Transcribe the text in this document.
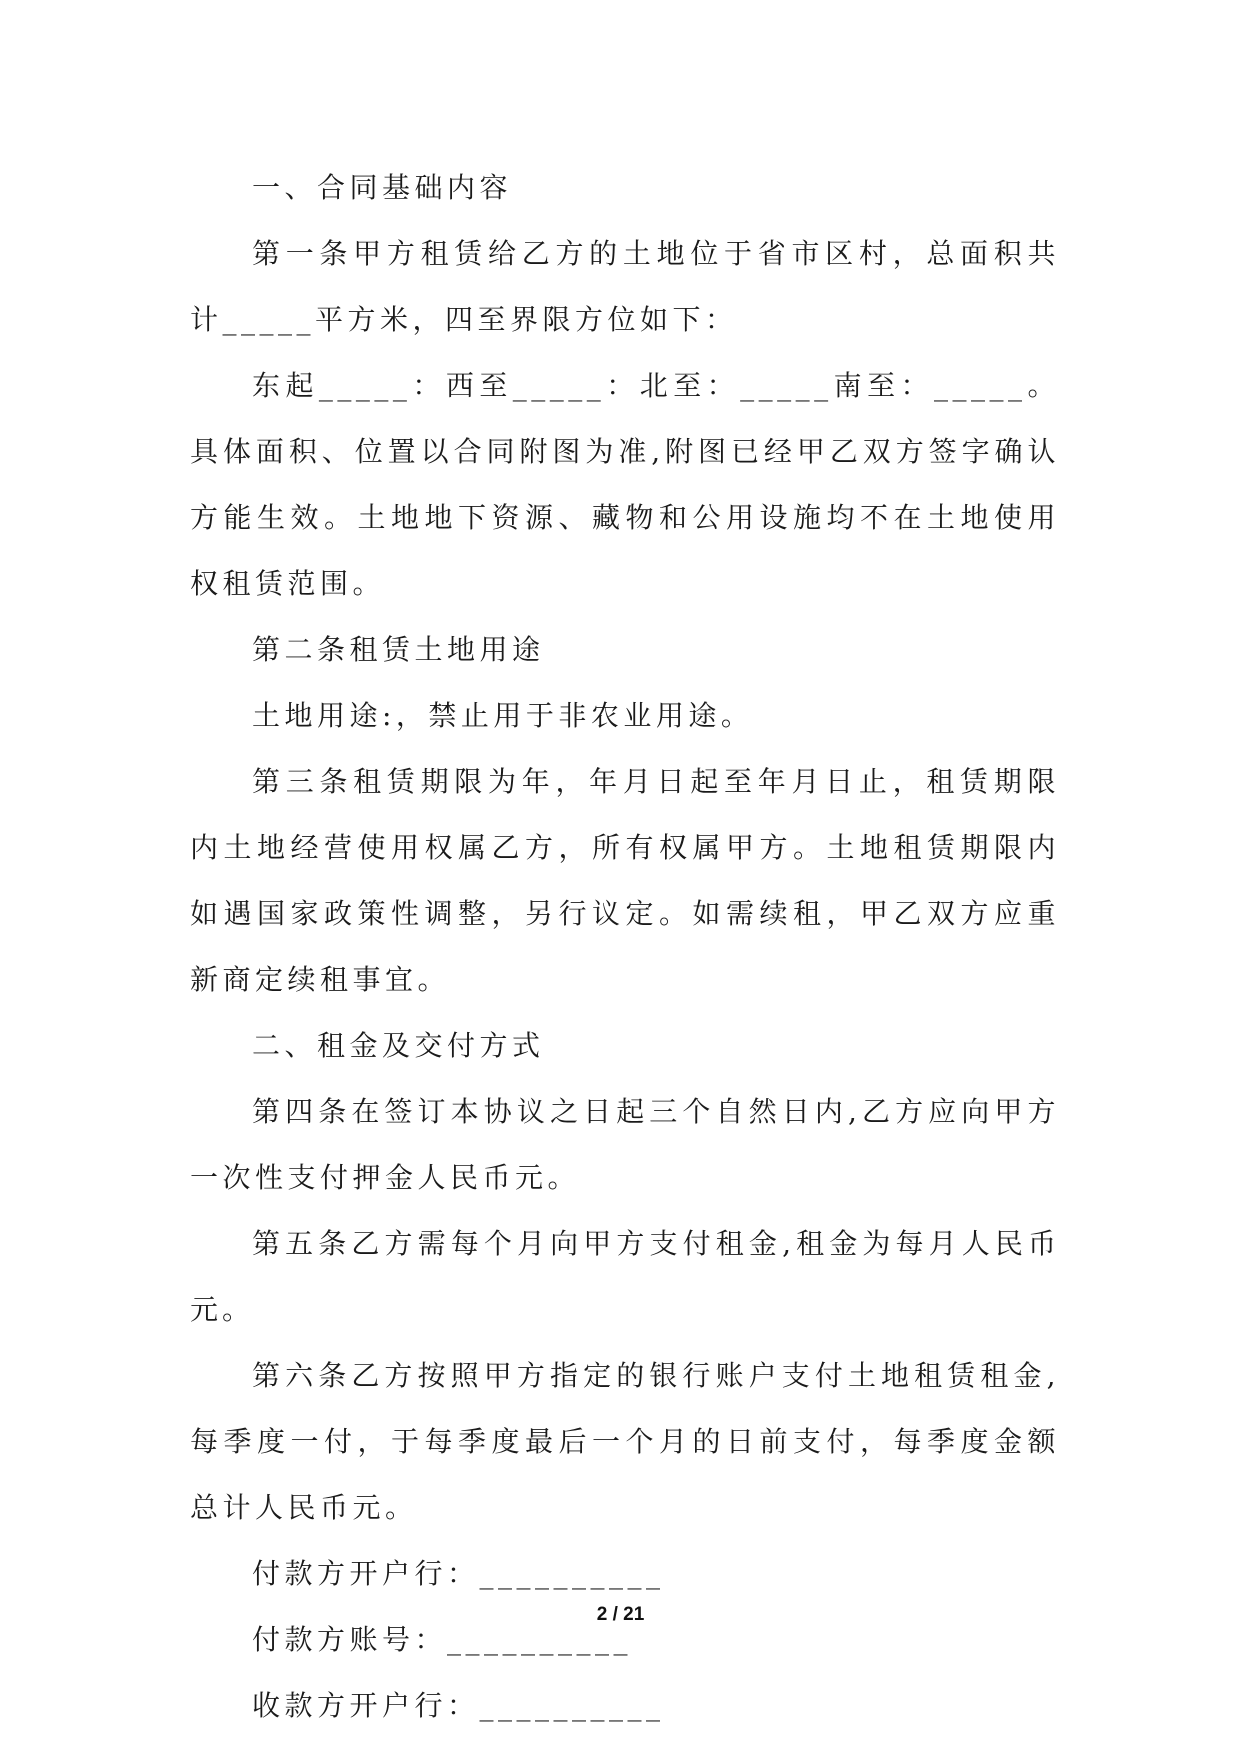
一、合同基础内容

第一条甲方租赁给乙方的土地位于省市区村，总面积共计_____平方米，四至界限方位如下：

东起_____：西至_____：北至：_____南至：_____。具体面积、位置以合同附图为准,附图已经甲乙双方签字确认方能生效。土地地下资源、藏物和公用设施均不在土地使用权租赁范围。

第二条租赁土地用途

土地用途:，禁止用于非农业用途。

第三条租赁期限为年，年月日起至年月日止，租赁期限内土地经营使用权属乙方，所有权属甲方。土地租赁期限内如遇国家政策性调整，另行议定。如需续租，甲乙双方应重新商定续租事宜。

二、租金及交付方式

第四条在签订本协议之日起三个自然日内,乙方应向甲方一次性支付押金人民币元。

第五条乙方需每个月向甲方支付租金,租金为每月人民币元。

第六条乙方按照甲方指定的银行账户支付土地租赁租金,每季度一付，于每季度最后一个月的日前支付，每季度金额总计人民币元。

付款方开户行：__________

付款方账号：__________

收款方开户行：__________

2 / 21
